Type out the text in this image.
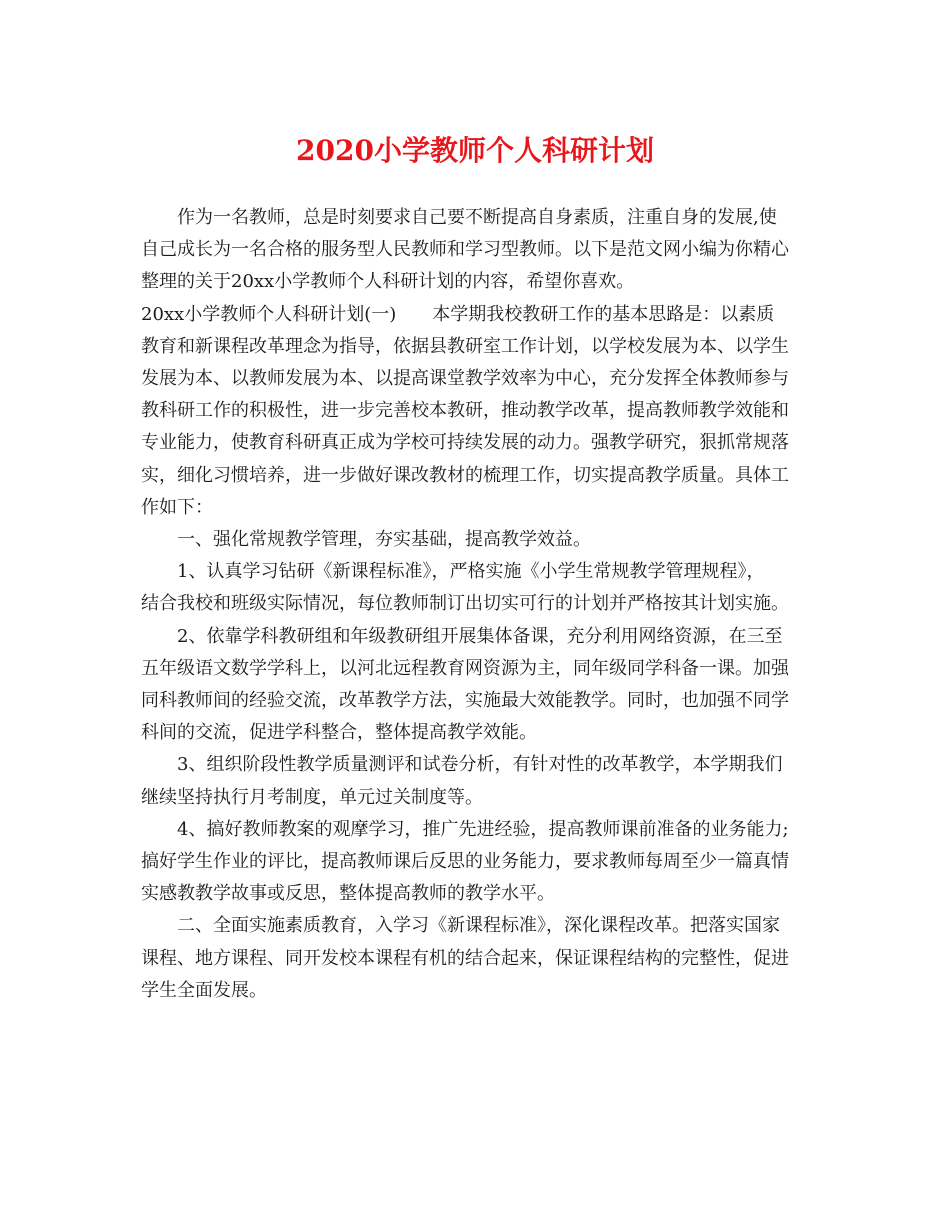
2020小学教师个人科研计划

作为一名教师，总是时刻要求自己要不断提高自身素质，注重自身的发展,使
自己成长为一名合格的服务型人民教师和学习型教师。以下是范文网小编为你精心
整理的关于20xx小学教师个人科研计划的内容，希望你喜欢。

20xx小学教师个人科研计划(一)　　本学期我校教研工作的基本思路是：以素质
教育和新课程改革理念为指导，依据县教研室工作计划，以学校发展为本、以学生
发展为本、以教师发展为本、以提高课堂教学效率为中心，充分发挥全体教师参与
教科研工作的积极性，进一步完善校本教研，推动教学改革，提高教师教学效能和
专业能力，使教育科研真正成为学校可持续发展的动力。强教学研究，狠抓常规落
实，细化习惯培养，进一步做好课改教材的梳理工作，切实提高教学质量。具体工
作如下：

一、强化常规教学管理，夯实基础，提高教学效益。

1、认真学习钻研《新课程标准》，严格实施《小学生常规教学管理规程》，
结合我校和班级实际情况，每位教师制订出切实可行的计划并严格按其计划实施。

2、依靠学科教研组和年级教研组开展集体备课，充分利用网络资源，在三至
五年级语文数学学科上，以河北远程教育网资源为主，同年级同学科备一课。加强
同科教师间的经验交流，改革教学方法，实施最大效能教学。同时，也加强不同学
科间的交流，促进学科整合，整体提高教学效能。

3、组织阶段性教学质量测评和试卷分析，有针对性的改革教学，本学期我们
继续坚持执行月考制度，单元过关制度等。

4、搞好教师教案的观摩学习，推广先进经验，提高教师课前准备的业务能力;
搞好学生作业的评比，提高教师课后反思的业务能力，要求教师每周至少一篇真情
实感教教学故事或反思，整体提高教师的教学水平。

二、全面实施素质教育，入学习《新课程标准》，深化课程改革。把落实国家
课程、地方课程、同开发校本课程有机的结合起来，保证课程结构的完整性，促进
学生全面发展。
